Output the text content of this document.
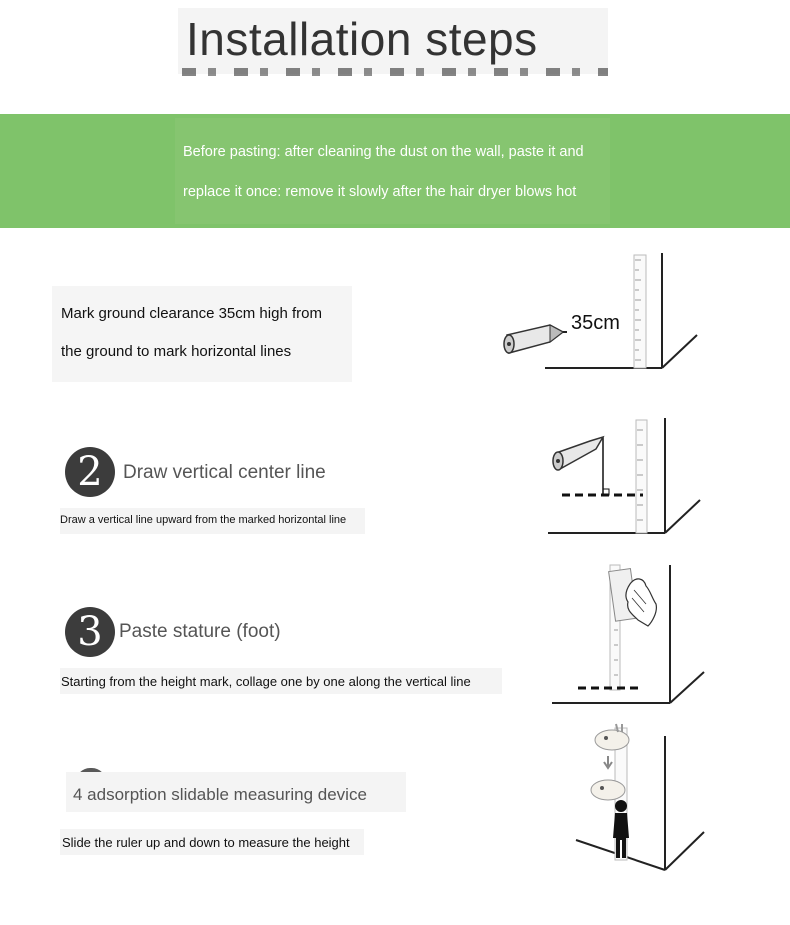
Installation steps
Before pasting: after cleaning the dust on the wall, paste it and
replace it once: remove it slowly after the hair dryer blows hot
Mark ground clearance 35cm high from
the ground to mark horizontal lines
35cm
2	Draw vertical center line
Draw a vertical line upward from the marked horizontal line
3 Paste stature (foot)
Starting from the height mark, collage one by one along the vertical line
4 adsorption slidable measuring device
Slide the ruler up and down to measure the height
